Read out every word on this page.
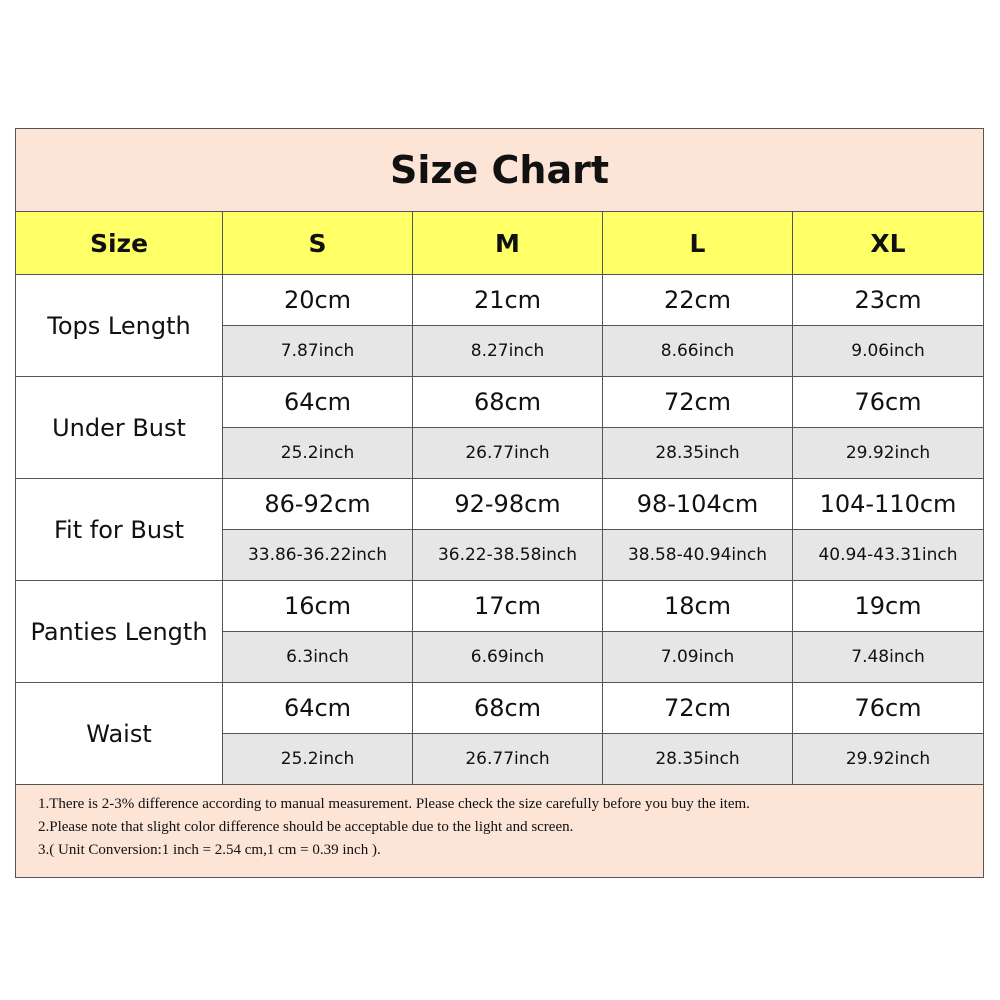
Size Chart				
Size	S	M	L	XL
Tops Length	20cm	21cm	22cm	23cm
	7.87inch	8.27inch	8.66inch	9.06inch
Under Bust	64cm	68cm	72cm	76cm
	25.2inch	26.77inch	28.35inch	29.92inch
Fit for Bust	86-92cm	92-98cm	98-104cm	104-110cm
	33.86-36.22inch	36.22-38.58inch	38.58-40.94inch	40.94-43.31inch
Panties Length	16cm	17cm	18cm	19cm
	6.3inch	6.69inch	7.09inch	7.48inch
Waist	64cm	68cm	72cm	76cm
	25.2inch	26.77inch	28.35inch	29.92inch

1.There is 2-3% difference according to manual measurement. Please check the size carefully before you buy the item.
2.Please note that slight color difference should be acceptable due to the light and screen.
3.( Unit Conversion:1 inch = 2.54 cm,1 cm = 0.39 inch ).				
